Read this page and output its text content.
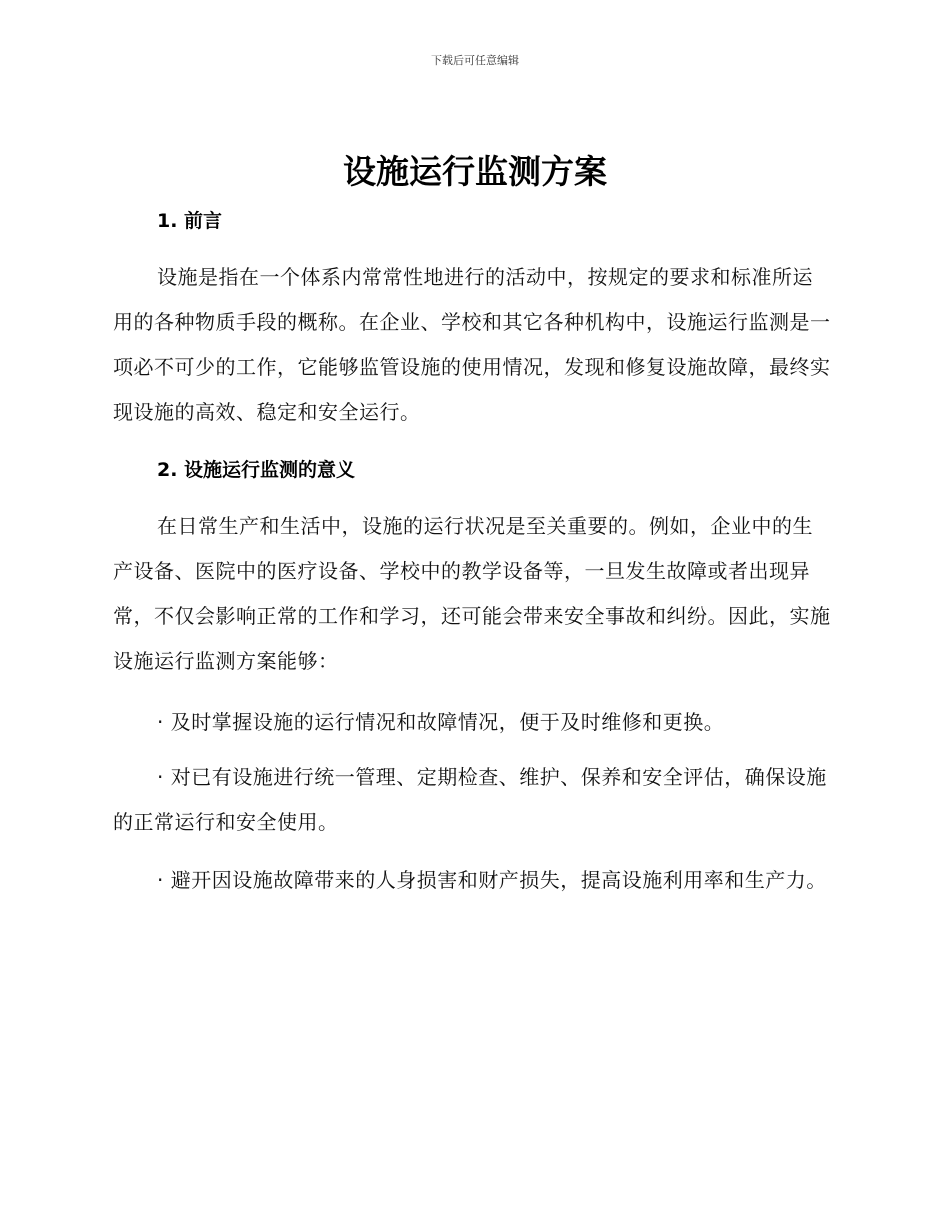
下载后可任意编辑
设施运行监测方案
1. 前言

设施是指在一个体系内常常性地进行的活动中，按规定的要求和标准所运用的各种物质手段的概称。在企业、学校和其它各种机构中，设施运行监测是一项必不可少的工作，它能够监管设施的使用情况，发现和修复设施故障，最终实现设施的高效、稳定和安全运行。

2. 设施运行监测的意义

在日常生产和生活中，设施的运行状况是至关重要的。例如，企业中的生产设备、医院中的医疗设备、学校中的教学设备等，一旦发生故障或者出现异常，不仅会影响正常的工作和学习，还可能会带来安全事故和纠纷。因此，实施设施运行监测方案能够：

· 及时掌握设施的运行情况和故障情况，便于及时维修和更换。

· 对已有设施进行统一管理、定期检查、维护、保养和安全评估，确保设施的正常运行和安全使用。

· 避开因设施故障带来的人身损害和财产损失，提高设施利用率和生产力。
